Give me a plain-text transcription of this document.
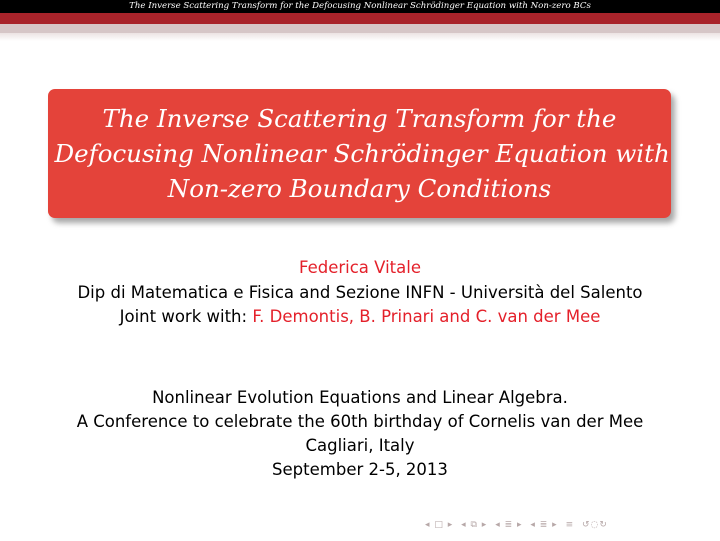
The Inverse Scattering Transform for the Defocusing Nonlinear Schrödinger Equation with Non-zero BCs
The Inverse Scattering Transform for the
Defocusing Nonlinear Schrödinger Equation with
Non-zero Boundary Conditions
Federica Vitale
Dip di Matematica e Fisica and Sezione INFN - Università del Salento
Joint work with: F. Demontis, B. Prinari and C. van der Mee
Nonlinear Evolution Equations and Linear Algebra.
A Conference to celebrate the 60th birthday of Cornelis van der Mee
Cagliari, Italy
September 2-5, 2013
◂ □ ▸ ◂ ⧉ ▸ ◂ ≣ ▸ ◂ ≣ ▸ ≡ ↺◌↻
